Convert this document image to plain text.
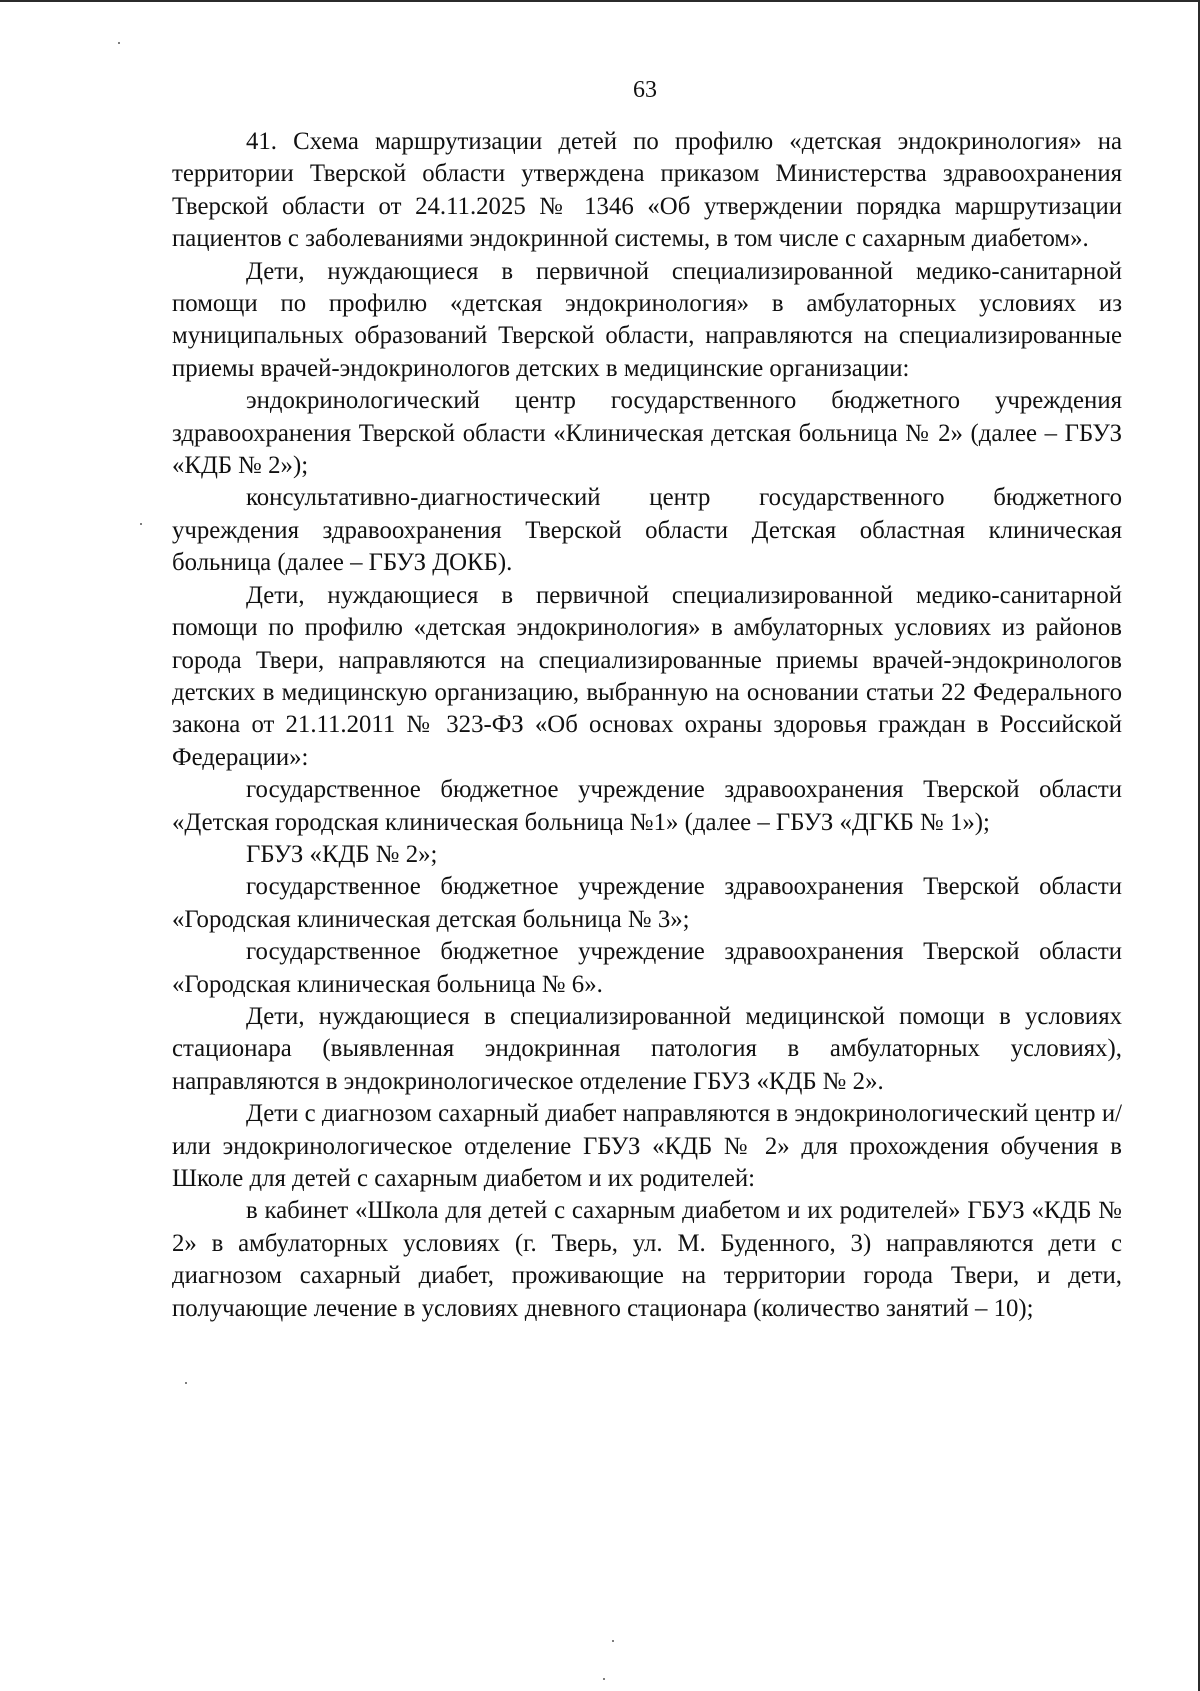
63

41. Схема маршрутизации детей по профилю «детская эндокринология» на территории Тверской области утверждена приказом Министерства здравоохранения Тверской области от 24.11.2025 № 1346 «Об утверждении порядка маршрутизации пациентов с заболеваниями эндокринной системы, в том числе с сахарным диабетом».

Дети, нуждающиеся в первичной специализированной медико-санитарной помощи по профилю «детская эндокринология» в амбулаторных условиях из муниципальных образований Тверской области, направляются на специализированные приемы врачей-эндокринологов детских в медицинские организации:

эндокринологический центр государственного бюджетного учреждения здравоохранения Тверской области «Клиническая детская больница № 2» (далее – ГБУЗ «КДБ № 2»);

консультативно-диагностический центр государственного бюджетного учреждения здравоохранения Тверской области Детская областная клиническая больница (далее – ГБУЗ ДОКБ).

Дети, нуждающиеся в первичной специализированной медико-санитарной помощи по профилю «детская эндокринология» в амбулаторных условиях из районов города Твери, направляются на специализированные приемы врачей-эндокринологов детских в медицинскую организацию, выбранную на основании статьи 22 Федерального закона от 21.11.2011 № 323-ФЗ «Об основах охраны здоровья граждан в Российской Федерации»:

государственное бюджетное учреждение здравоохранения Тверской области «Детская городская клиническая больница №1» (далее – ГБУЗ «ДГКБ № 1»);

ГБУЗ «КДБ № 2»;

государственное бюджетное учреждение здравоохранения Тверской области «Городская клиническая детская больница № 3»;

государственное бюджетное учреждение здравоохранения Тверской области «Городская клиническая больница № 6».

Дети, нуждающиеся в специализированной медицинской помощи в условиях стационара (выявленная эндокринная патология в амбулаторных условиях), направляются в эндокринологическое отделение ГБУЗ «КДБ № 2».

Дети с диагнозом сахарный диабет направляются в эндокринологический центр и/или эндокринологическое отделение ГБУЗ «КДБ № 2» для прохождения обучения в Школе для детей с сахарным диабетом и их родителей:

в кабинет «Школа для детей с сахарным диабетом и их родителей» ГБУЗ «КДБ № 2» в амбулаторных условиях (г. Тверь, ул. М. Буденного, 3) направляются дети с диагнозом сахарный диабет, проживающие на территории города Твери, и дети, получающие лечение в условиях дневного стационара (количество занятий – 10);
